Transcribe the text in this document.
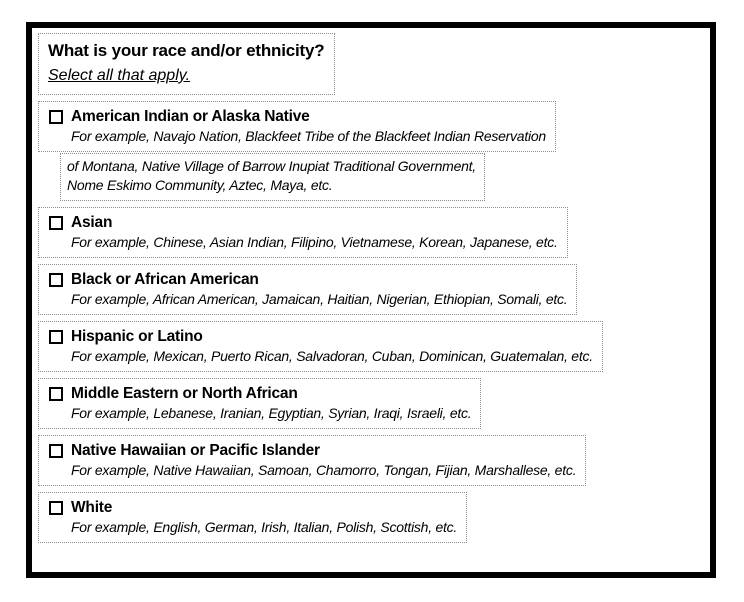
What is your race and/or ethnicity?
Select all that apply.
American Indian or Alaska Native
For example, Navajo Nation, Blackfeet Tribe of the Blackfeet Indian Reservation
of Montana, Native Village of Barrow Inupiat Traditional Government,
Nome Eskimo Community, Aztec, Maya, etc.
Asian
For example, Chinese, Asian Indian, Filipino, Vietnamese, Korean, Japanese, etc.
Black or African American
For example, African American, Jamaican, Haitian, Nigerian, Ethiopian, Somali, etc.
Hispanic or Latino
For example, Mexican, Puerto Rican, Salvadoran, Cuban, Dominican, Guatemalan, etc.
Middle Eastern or North African
For example, Lebanese, Iranian, Egyptian, Syrian, Iraqi, Israeli, etc.
Native Hawaiian or Pacific Islander
For example, Native Hawaiian, Samoan, Chamorro, Tongan, Fijian, Marshallese, etc.
White
For example, English, German, Irish, Italian, Polish, Scottish, etc.
